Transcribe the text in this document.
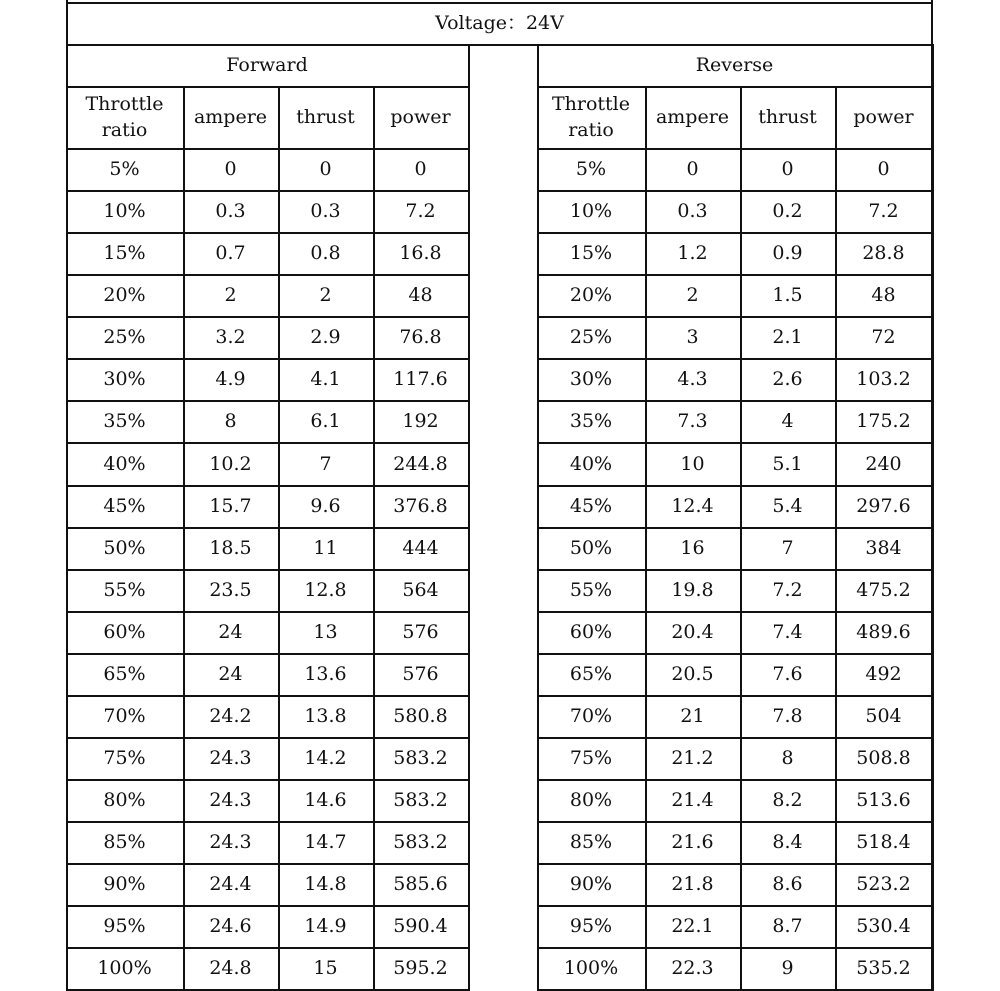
Voltage：24V
Forward
Throttle
ratio
ampere	thrust	power
5%	0	0	0
10%	0.3	0.3	7.2
15%	0.7	0.8	16.8
20%	2	2	48
25%	3.2	2.9	76.8
30%	4.9	4.1	117.6
35%	8	6.1	192
40%	10.2	7	244.8
45%	15.7	9.6	376.8
50%	18.5	11	444
55%	23.5	12.8	564
60%	24	13	576
65%	24	13.6	576
70%	24.2	13.8	580.8
75%	24.3	14.2	583.2
80%	24.3	14.6	583.2
85%	24.3	14.7	583.2
90%	24.4	14.8	585.6
95%	24.6	14.9	590.4
100%	24.8	15	595.2
Reverse
Throttle
ratio
ampere	thrust	power
5%	0	0	0
10%	0.3	0.2	7.2
15%	1.2	0.9	28.8
20%	2	1.5	48
25%	3	2.1	72
30%	4.3	2.6	103.2
35%	7.3	4	175.2
40%	10	5.1	240
45%	12.4	5.4	297.6
50%	16	7	384
55%	19.8	7.2	475.2
60%	20.4	7.4	489.6
65%	20.5	7.6	492
70%	21	7.8	504
75%	21.2	8	508.8
80%	21.4	8.2	513.6
85%	21.6	8.4	518.4
90%	21.8	8.6	523.2
95%	22.1	8.7	530.4
100%	22.3	9	535.2
